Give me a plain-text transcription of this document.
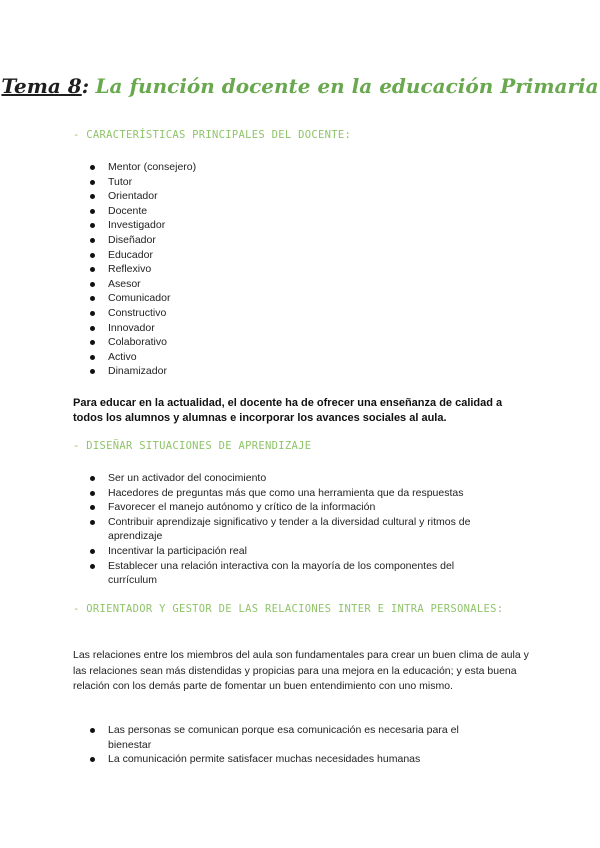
Tema 8: La función docente en la educación Primaria
- CARACTERÍSTICAS PRINCIPALES DEL DOCENTE:
Mentor (consejero)
Tutor
Orientador
Docente
Investigador
Diseñador
Educador
Reflexivo
Asesor
Comunicador
Constructivo
Innovador
Colaborativo
Activo
Dinamizador
Para educar en la actualidad, el docente ha de ofrecer una enseñanza de calidad a todos los alumnos y alumnas e incorporar los avances sociales al aula.
- DISEÑAR SITUACIONES DE APRENDIZAJE
Ser un activador del conocimiento
Hacedores de preguntas más que como una herramienta que da respuestas
Favorecer el manejo autónomo y crítico de la información
Contribuir aprendizaje significativo y tender a la diversidad cultural y ritmos de aprendizaje
Incentivar la participación real
Establecer una relación interactiva con la mayoría de los componentes del currículum
- ORIENTADOR Y GESTOR DE LAS RELACIONES INTER E INTRA PERSONALES:
Las relaciones entre los miembros del aula son fundamentales para crear un buen clima de aula y las relaciones sean más distendidas y propicias para una mejora en la educación; y esta buena relación con los demás parte de fomentar un buen entendimiento con uno mismo.
Las personas se comunican porque esa comunicación es necesaria para el bienestar
La comunicación permite satisfacer muchas necesidades humanas
